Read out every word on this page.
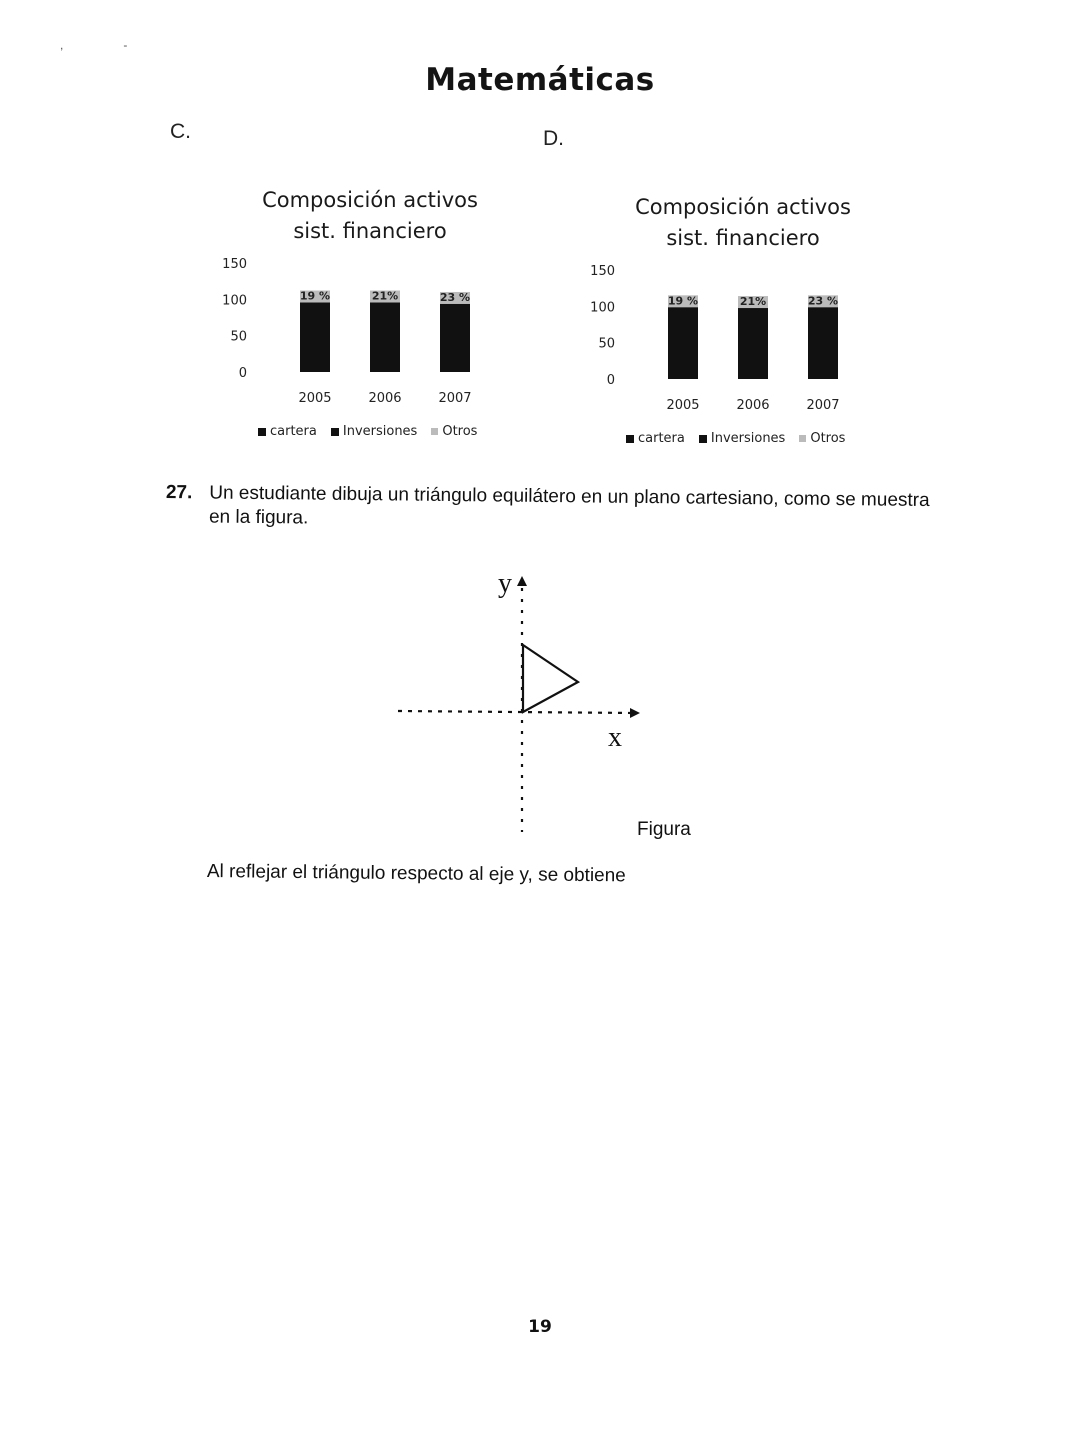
,                  -
Matemáticas
C.	D.
Composición activos
sist. financiero
0
50
100
150
19 %
2005
21%
2006
23 %
2007
cartera Inversiones Otros
Composición activos
sist. financiero
0
50
100
150
19 %
2005
21%
2006
23 %
2007
cartera Inversiones Otros
27. Un estudiante dibuja un triángulo equilátero en un plano cartesiano, como se muestra en la figura.
y
x
Figura
Al reflejar el triángulo respecto al eje y, se obtiene
19
